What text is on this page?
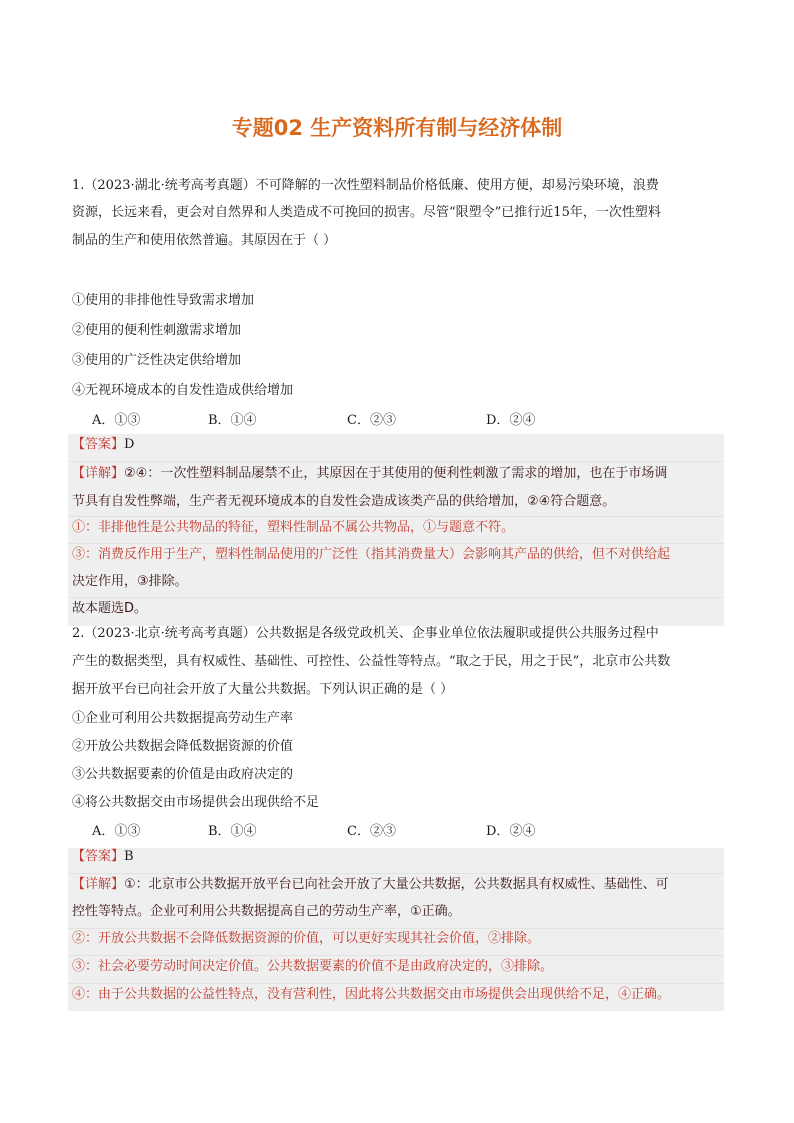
专题02 生产资料所有制与经济体制
1.（2023·湖北·统考高考真题）不可降解的一次性塑料制品价格低廉、使用方便，却易污染环境，浪费
资源，长远来看，更会对自然界和人类造成不可挽回的损害。尽管“限塑令”已推行近15年，一次性塑料
制品的生产和使用依然普遍。其原因在于（ ）
①使用的非排他性导致需求增加
②使用的便利性刺激需求增加
③使用的广泛性决定供给增加
④无视环境成本的自发性造成供给增加
A．①③	B．①④	C．②③	D．②④
【答案】D
【详解】②④：一次性塑料制品屡禁不止，其原因在于其使用的便利性刺激了需求的增加，也在于市场调
节具有自发性弊端，生产者无视环境成本的自发性会造成该类产品的供给增加，②④符合题意。
①：非排他性是公共物品的特征，塑料性制品不属公共物品，①与题意不符。
③：消费反作用于生产，塑料性制品使用的广泛性（指其消费量大）会影响其产品的供给，但不对供给起
决定作用，③排除。
故本题选D。
2.（2023·北京·统考高考真题）公共数据是各级党政机关、企事业单位依法履职或提供公共服务过程中
产生的数据类型，具有权威性、基础性、可控性、公益性等特点。“取之于民，用之于民”，北京市公共数
据开放平台已向社会开放了大量公共数据。下列认识正确的是（ ）
①企业可利用公共数据提高劳动生产率
②开放公共数据会降低数据资源的价值
③公共数据要素的价值是由政府决定的
④将公共数据交由市场提供会出现供给不足
A．①③	B．①④	C．②③	D．②④
【答案】B
【详解】①：北京市公共数据开放平台已向社会开放了大量公共数据，公共数据具有权威性、基础性、可
控性等特点。企业可利用公共数据提高自己的劳动生产率，①正确。
②：开放公共数据不会降低数据资源的价值，可以更好实现其社会价值，②排除。
③：社会必要劳动时间决定价值。公共数据要素的价值不是由政府决定的，③排除。
④：由于公共数据的公益性特点，没有营利性，因此将公共数据交由市场提供会出现供给不足，④正确。
